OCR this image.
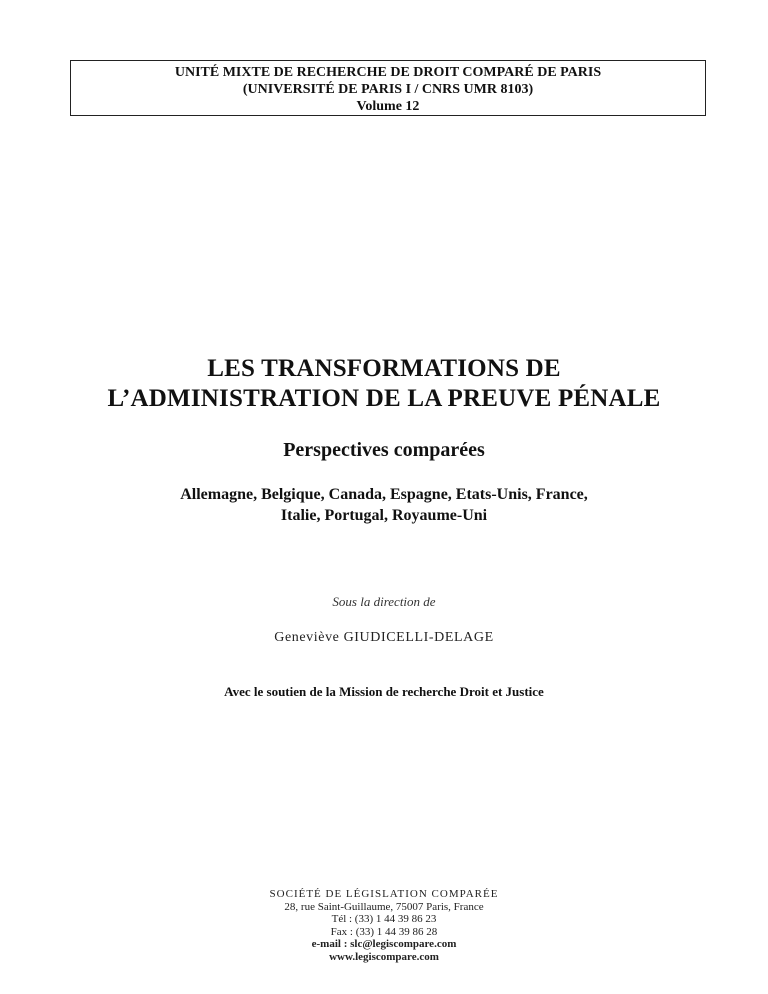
UNITÉ MIXTE DE RECHERCHE DE DROIT COMPARÉ DE PARIS
(UNIVERSITÉ DE PARIS I / CNRS UMR 8103)
Volume 12
LES TRANSFORMATIONS DE
L’ADMINISTRATION DE LA PREUVE PÉNALE
Perspectives comparées
Allemagne, Belgique, Canada, Espagne, Etats-Unis, France,
Italie, Portugal, Royaume-Uni
Sous la direction de
Geneviève GIUDICELLI-DELAGE
Avec le soutien de la Mission de recherche Droit et Justice
SOCIÉTÉ DE LÉGISLATION COMPARÉE
28, rue Saint-Guillaume, 75007 Paris, France
Tél : (33) 1 44 39 86 23
Fax : (33) 1 44 39 86 28
e-mail : slc@legiscompare.com
www.legiscompare.com
